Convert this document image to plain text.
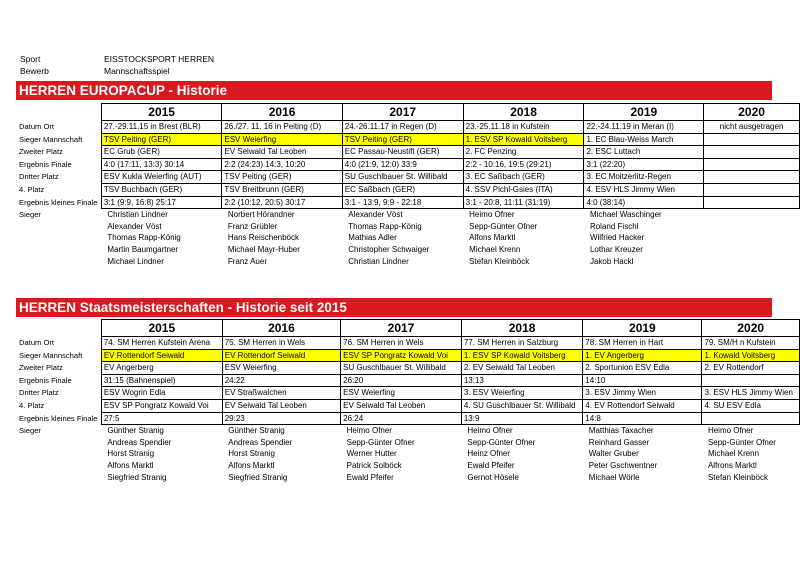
Sport	EISSTOCKSPORT HERREN
Bewerb	Mannschaftsspiel
HERREN EUROPACUP - Historie
	2015	2016	2017	2018	2019	2020
Datum Ort	27.-29.11.15 in Brest (BLR)	26./27. 11. 16 in Peiting (D)	24.-26.11.17 in Regen (D)	23.-25.11.18 in Kufstein	22.-24.11.19 in Meran (I)	nicht ausgetragen
Sieger Mannschaft	TSV Peiting (GER)	ESV Weierfing	TSV Peiting (GER)	1. ESV SP Kowald Voitsberg	1. EC Blau-Weiss March	
Zweiter Platz	EC Grub (GER)	EV Seiwald Tal Leoben	EC Passau-Neustift (GER)	2. FC Penzing	2. ESC Luttach	
Ergebnis Finale	4:0 (17:11, 13:3) 30:14	2:2 (24:23) 14:3, 10:20	4:0 (21:9, 12:0) 33:9	2:2 - 10:16, 19:5 (29:21)	3:1 (22:20)	
Dritter Platz	ESV Kukla Weierfing (AUT)	TSV Peiting (GER)	SU Guschlbauer St. Willibald	3. EC Saßbach (GER)	3. EC Moitzerlitz-Regen	
4. Platz	TSV Buchbach (GER)	TSV Breitbrunn (GER)	EC Saßbach (GER)	4. SSV Pichl-Gsies (ITA)	4. ESV HLS Jimmy Wien	
Ergebnis kleines Finale	3:1 (9:9, 16:8) 25:17	2:2 (10:12, 20:5) 30:17	3:1 - 13:9, 9:9 - 22:18	3:1 - 20:8, 11:11 (31:19)	4:0 (38:14)	
Sieger	Christian Lindner	Norbert Hörandner	Alexander Vöst	Heimo Ofner	Michael Waschinger	
	Alexander Vöst	Franz Grübler	Thomas Rapp-König	Sepp-Günter Ofner	Roland Fischl	
	Thomas Rapp-König	Hans Reischenböck	Mathias Adler	Alfons Marktl	Wilfried Hacker	
	Martin Baumgartner	Michael Mayr-Huber	Christopher Schwaiger	Michael Krenn	Lothar Kreuzer	
	Michael Lindner	Franz Auer	Christian Lindner	Stefan Kleinböck	Jakob Hackl	
HERREN Staatsmeisterschaften - Historie seit 2015
	2015	2016	2017	2018	2019	2020
Datum Ort	74. SM Herren Kufstein Arena	75. SM Herren in Wels	76. SM Herren in Wels	77. SM Herren in Salzburg	78. SM Herren in Hart	79. SM/H n Kufstein
Sieger Mannschaft	EV Rottendorf Seiwald	EV Rottendorf Seiwald	ESV SP Pongratz Kowald Voi	1. ESV SP Kowald Voitsberg	1. EV Angerberg	1. Kowald Voitsberg
Zweiter Platz	EV Angerberg	ESV Weierfing	SU Guschlbauer St. Willibald	2. EV Seiwald Tal Leoben	2. Sportunion ESV Edla	2. EV Rottendorf
Ergebnis Finale	31:15 (Bahnenspiel)	24:22	26:20	13:13	14:10	
Dritter Platz	ESV Wogrin Edla	EV Straßwalchen	ESV Weierfing	3. ESV Weierfing	3. ESV Jimmy Wien	3. ESV HLS Jimmy Wien
4. Platz	ESV SP Pongratz Kowald Voi	EV Seiwald Tal Leoben	EV Seiwald Tal Leoben	4. SU Guschlbauer St. Willibald	4. EV Rottendorf Seiwald	4. SU ESV Edla
Ergebnis kleines Finale	27:5	29:23	26:24	13:9	14:8	
Sieger	Günther Stranig	Günther Stranig	Heimo Ofner	Heimo Ofner	Matthias Taxacher	Heimo Ofner
	Andreas Spendier	Andreas Spendier	Sepp-Günter Ofner	Sepp-Günter Ofner	Reinhard Gasser	Sepp-Günter Ofner
	Horst Stranig	Horst Stranig	Werner Hutter	Heinz Ofner	Walter Gruber	Michael Krenn
	Alfons Marktl	Alfons Marktl	Patrick Solböck	Ewald Pfeifer	Peter Gschwentner	Alfrons Marktl
	Siegfried Stranig	Siegfried Stranig	Ewald Pfeifer	Gernot Hösele	Michael Wörle	Stefan Kleinböck
